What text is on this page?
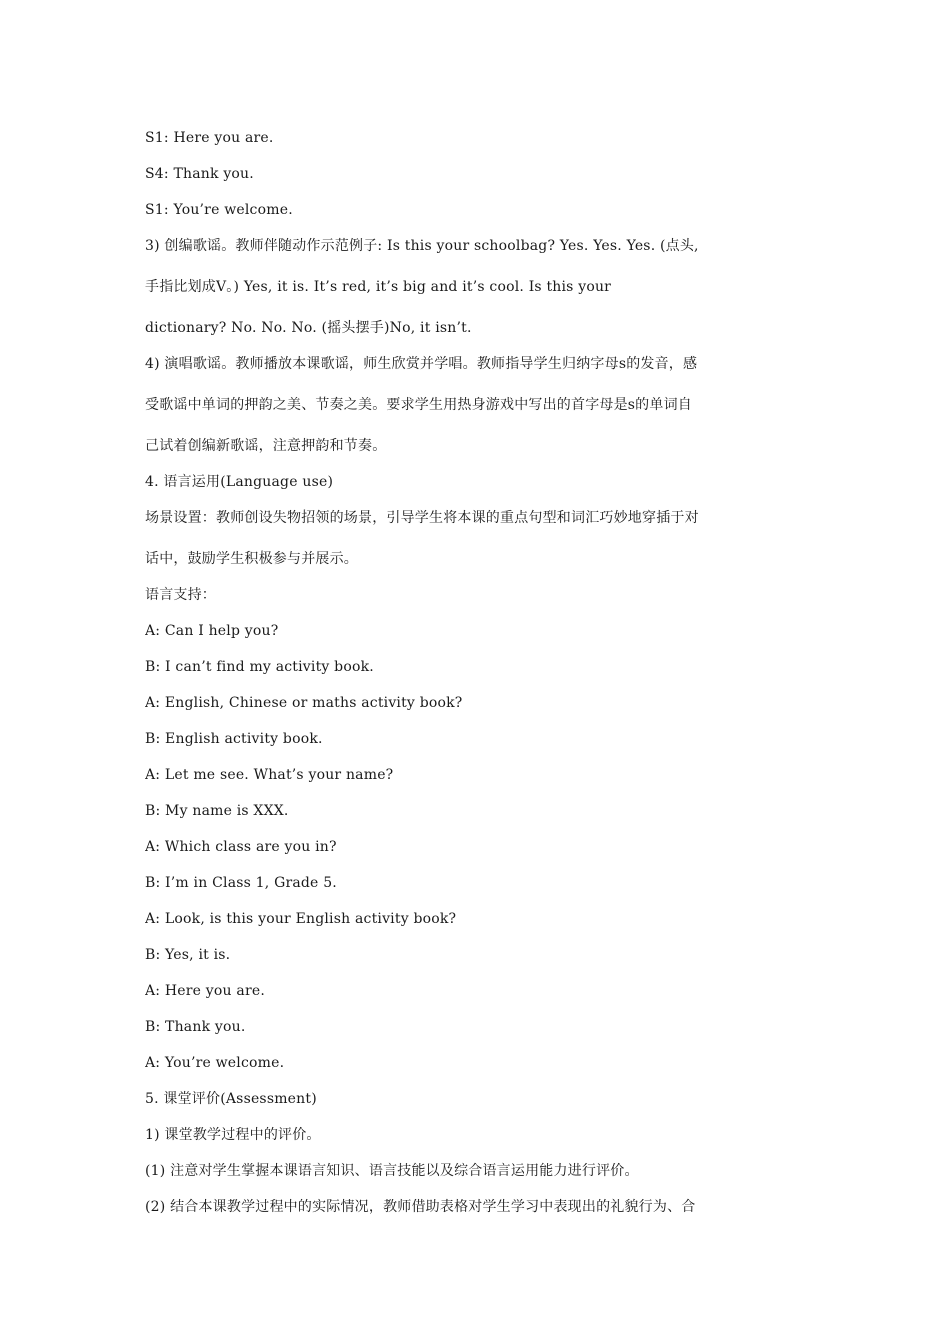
S1: Here you are.
S4: Thank you.
S1: You’re welcome.
3) 创编歌谣。教师伴随动作示范例子: Is this your schoolbag? Yes. Yes. Yes. (点头,
手指比划成V。) Yes, it is. It’s red, it’s big and it’s cool. Is this your
dictionary? No. No. No. (摇头摆手)No, it isn’t.
4) 演唱歌谣。教师播放本课歌谣，师生欣赏并学唱。教师指导学生归纳字母s的发音，感
受歌谣中单词的押韵之美、节奏之美。要求学生用热身游戏中写出的首字母是s的单词自
己试着创编新歌谣，注意押韵和节奏。
4. 语言运用(Language use)
场景设置：教师创设失物招领的场景，引导学生将本课的重点句型和词汇巧妙地穿插于对
话中，鼓励学生积极参与并展示。
语言支持：
A: Can I help you?
B: I can’t find my activity book.
A: English, Chinese or maths activity book?
B: English activity book.
A: Let me see. What’s your name?
B: My name is XXX.
A: Which class are you in?
B: I’m in Class 1, Grade 5.
A: Look, is this your English activity book?
B: Yes, it is.
A: Here you are.
B: Thank you.
A: You’re welcome.
5. 课堂评价(Assessment)
1) 课堂教学过程中的评价。
(1) 注意对学生掌握本课语言知识、语言技能以及综合语言运用能力进行评价。
(2) 结合本课教学过程中的实际情况，教师借助表格对学生学习中表现出的礼貌行为、合
